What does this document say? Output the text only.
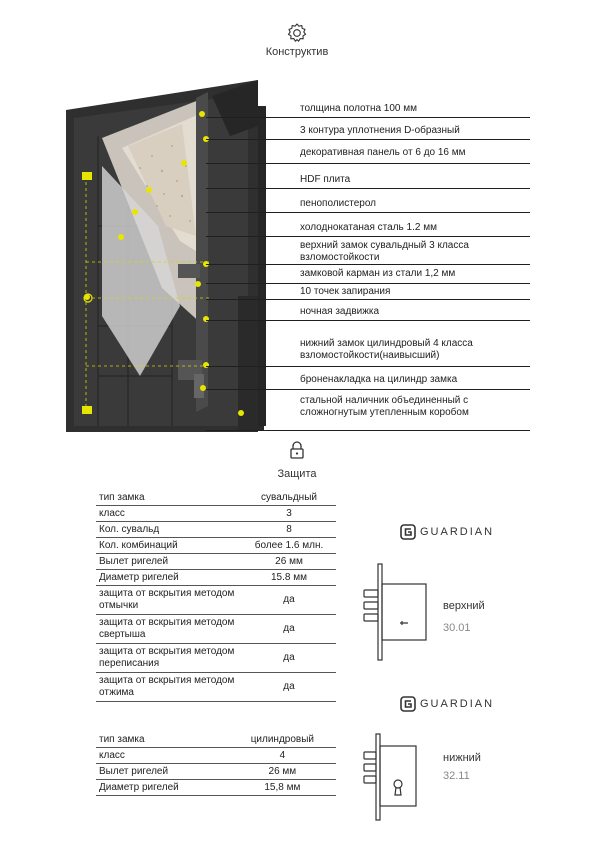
Конструктив
толщина полотна 100 мм
3 контура уплотнения D-образный
декоративная панель от 6 до 16 мм
HDF плита
пенополистерол
холоднокатаная сталь 1.2 мм
верхний замок сувальдный 3 класса взломостойкости
замковой карман из стали 1,2 мм
10 точек запирания
ночная задвижка
нижний замок цилиндровый 4 класса взломостойкости(наивысший)
броненакладка на цилиндр замка
стальной наличник объединенный с сложногнутым утепленным коробом
Защита
тип замка	сувальдный
класс	3
Кол. сувальд	8
Кол. комбинаций	более 1.6 млн.
Вылет ригелей	26 мм
Диаметр ригелей	15.8 мм
защита от вскрытия методом отмычки	да
защита от вскрытия методом свертыша	да
защита от вскрытия методом переписания	да
защита от вскрытия методом отжима	да
тип замка	цилиндровый
класс	4
Вылет ригелей	26 мм
Диаметр ригелей	15,8 мм
GUARDIAN
верхний
30.01
GUARDIAN
нижний
32.11
